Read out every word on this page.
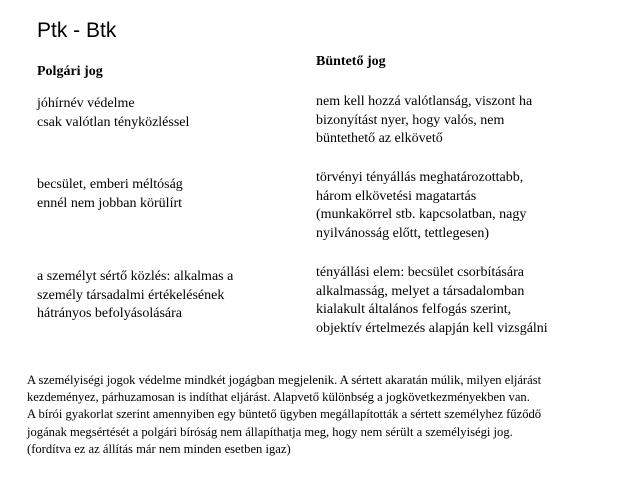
Ptk - Btk
Polgári jog
jóhírnév védelme
csak valótlan tényközléssel
becsület, emberi méltóság
ennél nem jobban körülírt
a személyt sértő közlés: alkalmas a
személy társadalmi értékelésének
hátrányos befolyásolására
Büntető jog
nem kell hozzá valótlanság, viszont ha
bizonyítást nyer, hogy valós, nem
büntethető az elkövető
törvényi tényállás meghatározottabb,
három elkövetési magatartás
(munkakörrel stb. kapcsolatban, nagy
nyilvánosság előtt, tettlegesen)
tényállási elem: becsület csorbítására
alkalmasság, melyet a társadalomban
kialakult általános felfogás szerint,
objektív értelmezés alapján kell vizsgálni
A személyiségi jogok védelme mindkét jogágban megjelenik. A sértett akaratán múlik, milyen eljárást
kezdeményez, párhuzamosan is indíthat eljárást. Alapvető különbség a jogkövetkezményekben van.
A bírói gyakorlat szerint amennyiben egy büntető ügyben megállapították a sértett személyhez fűződő
jogának megsértését a polgári bíróság nem állapíthatja meg, hogy nem sérült a személyiségi jog.
(fordítva ez az állítás már nem minden esetben igaz)
